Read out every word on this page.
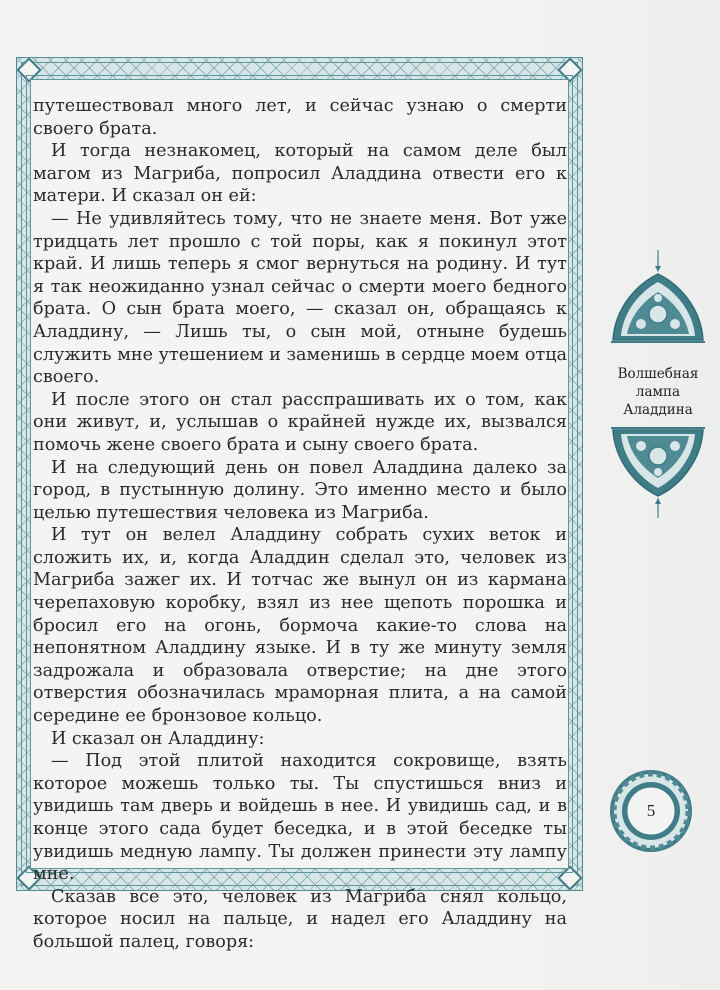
путешествовал много лет, и сейчас узнаю о смерти своего брата.

И тогда незнакомец, который на самом деле был магом из Магриба, попросил Аладдина отвести его к матери. И сказал он ей:

— Не удивляйтесь тому, что не знаете меня. Вот уже тридцать лет прошло с той поры, как я покинул этот край. И лишь теперь я смог вернуться на родину. И тут я так неожиданно узнал сейчас о смерти моего бедного брата. О сын брата моего, — сказал он, обращаясь к Аладдину, — Лишь ты, о сын мой, отныне будешь служить мне утешением и заменишь в сердце моем отца своего.

И после этого он стал расспрашивать их о том, как они живут, и, услышав о крайней нужде их, вызвался помочь жене своего брата и сыну своего брата.

И на следующий день он повел Аладдина далеко за город, в пустынную долину. Это именно место и было целью путешествия человека из Магриба.

И тут он велел Аладдину собрать сухих веток и сложить их, и, когда Аладдин сделал это, человек из Магриба зажег их. И тотчас же вынул он из кармана черепаховую коробку, взял из нее щепоть порошка и бросил его на огонь, бормоча какие-то слова на непонятном Аладдину языке. И в ту же минуту земля задрожала и образовала отверстие; на дне этого отверстия обозначилась мраморная плита, а на самой середине ее бронзовое кольцо.

И сказал он Аладдину:

— Под этой плитой находится сокровище, взять которое можешь только ты. Ты спустишься вниз и увидишь там дверь и войдешь в нее. И увидишь сад, и в конце этого сада будет беседка, и в этой беседке ты увидишь медную лампу. Ты должен принести эту лампу мне.

Сказав все это, человек из Магриба снял кольцо, которое носил на пальце, и надел его Аладдину на большой палец, говоря:

Волшебная
лампа
Аладдина
5
